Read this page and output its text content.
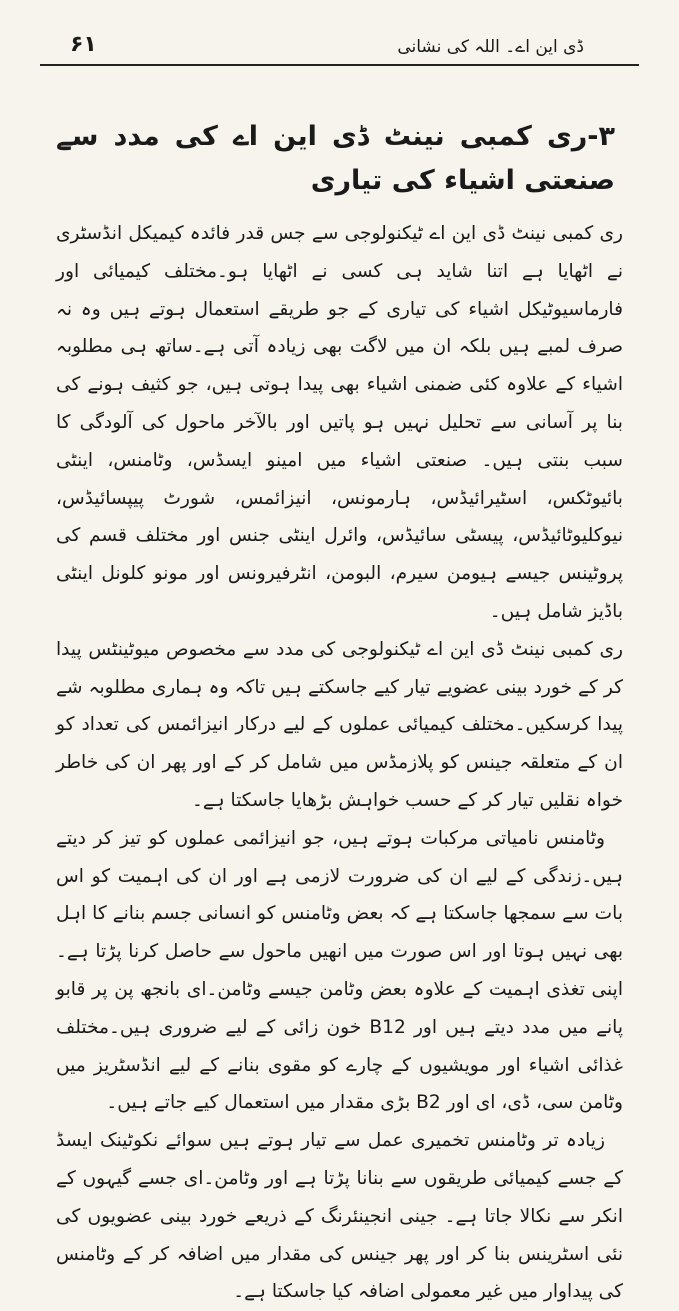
۶۱	ڈی این اے۔ اللہ کی نشانی
۳-ری کمبی نینٹ ڈی این اے کی مدد سے صنعتی اشیاء کی تیاری

ری کمبی نینٹ ڈی این اے ٹیکنولوجی سے جس قدر فائدہ کیمیکل انڈسٹری نے اٹھایا ہے اتنا شاید ہی کسی نے اٹھایا ہو۔مختلف کیمیائی اور فارماسیوٹیکل اشیاء کی تیاری کے جو طریقے استعمال ہوتے ہیں وہ نہ صرف لمبے ہیں بلکہ ان میں لاگت بھی زیادہ آتی ہے۔ساتھ ہی مطلوبہ اشیاء کے علاوہ کئی ضمنی اشیاء بھی پیدا ہوتی ہیں، جو کثیف ہونے کی بنا پر آسانی سے تحلیل نہیں ہو پاتیں اور بالآخر ماحول کی آلودگی کا سبب بنتی ہیں۔ صنعتی اشیاء میں امینو ایسڈس، وٹامنس، اینٹی بائیوٹکس، اسٹیرائیڈس، ہارمونس، انیزائمس، شورٹ پیپسائیڈس، نیوکلیوٹائیڈس، پیسٹی سائیڈس، وائرل اینٹی جنس اور مختلف قسم کی پروٹینس جیسے ہیومن سیرم، البومن، انٹرفیرونس اور مونو کلونل اینٹی باڈیز شامل ہیں۔

ری کمبی نینٹ ڈی این اے ٹیکنولوجی کی مدد سے مخصوص میوٹینٹس پیدا کر کے خورد بینی عضویے تیار کیے جاسکتے ہیں تاکہ وہ ہماری مطلوبہ شے پیدا کرسکیں۔مختلف کیمیائی عملوں کے لیے درکار انیزائمس کی تعداد کو ان کے متعلقہ جینس کو پلازمڈس میں شامل کر کے اور پھر ان کی خاطر خواہ نقلیں تیار کر کے حسب خواہش بڑھایا جاسکتا ہے۔

وٹامنس نامیاتی مرکبات ہوتے ہیں، جو انیزائمی عملوں کو تیز کر دیتے ہیں۔زندگی کے لیے ان کی ضرورت لازمی ہے اور ان کی اہمیت کو اس بات سے سمجھا جاسکتا ہے کہ بعض وٹامنس کو انسانی جسم بنانے کا اہل بھی نہیں ہوتا اور اس صورت میں انھیں ماحول سے حاصل کرنا پڑتا ہے۔ اپنی تغذی اہمیت کے علاوہ بعض وٹامن جیسے وٹامن۔ای بانجھ پن پر قابو پانے میں مدد دیتے ہیں اور B12 خون زائی کے لیے ضروری ہیں۔مختلف غذائی اشیاء اور مویشیوں کے چارے کو مقوی بنانے کے لیے انڈسٹریز میں وٹامن سی، ڈی، ای اور B2 بڑی مقدار میں استعمال کیے جاتے ہیں۔

زیادہ تر وٹامنس تخمیری عمل سے تیار ہوتے ہیں سوائے نکوٹینک ایسڈ کے جسے کیمیائی طریقوں سے بنانا پڑتا ہے اور وٹامن۔ای جسے گیہوں کے انکر سے نکالا جاتا ہے۔ جینی انجینئرنگ کے ذریعے خورد بینی عضویوں کی نئی اسٹرینس بنا کر اور پھر جینس کی مقدار میں اضافہ کر کے وٹامنس کی پیداوار میں غیر معمولی اضافہ کیا جاسکتا ہے۔
